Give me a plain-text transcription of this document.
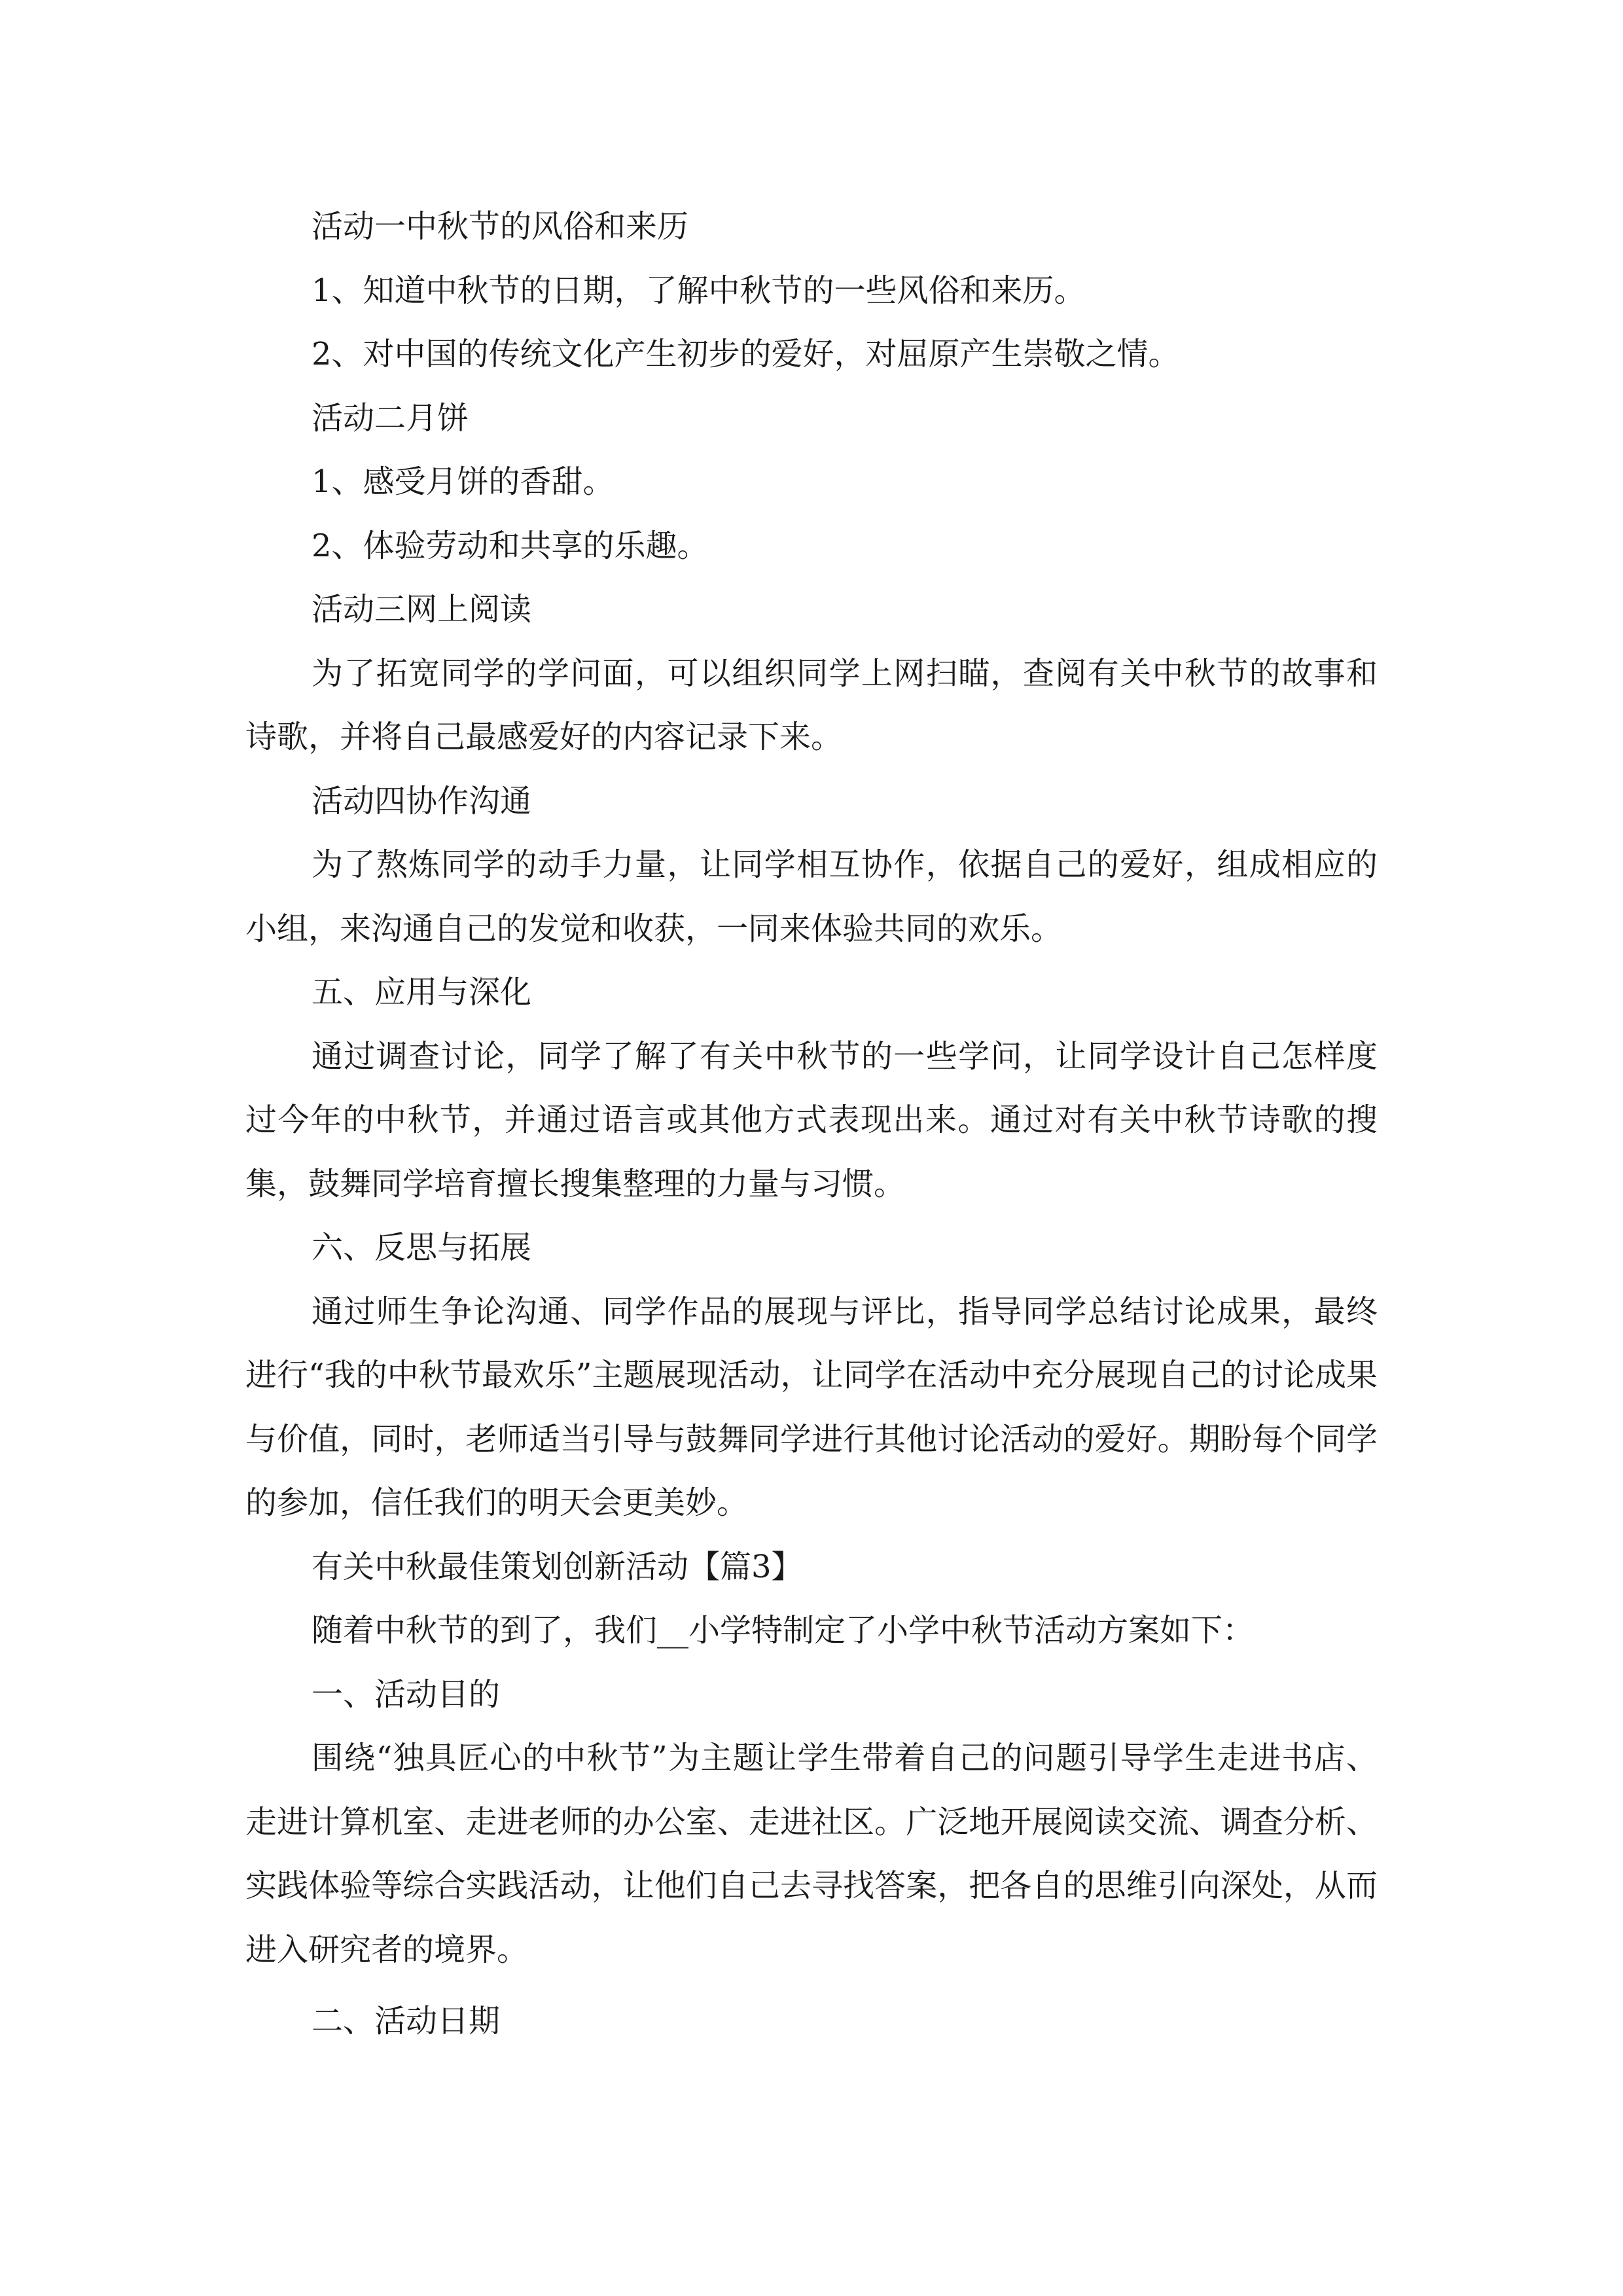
活动一中秋节的风俗和来历

1、知道中秋节的日期，了解中秋节的一些风俗和来历。

2、对中国的传统文化产生初步的爱好，对屈原产生崇敬之情。

活动二月饼

1、感受月饼的香甜。

2、体验劳动和共享的乐趣。

活动三网上阅读

为了拓宽同学的学问面，可以组织同学上网扫瞄，查阅有关中秋节的故事和诗歌，并将自己最感爱好的内容记录下来。

活动四协作沟通

为了熬炼同学的动手力量，让同学相互协作，依据自己的爱好，组成相应的小组，来沟通自己的发觉和收获，一同来体验共同的欢乐。

五、应用与深化

通过调查讨论，同学了解了有关中秋节的一些学问，让同学设计自己怎样度过今年的中秋节，并通过语言或其他方式表现出来。通过对有关中秋节诗歌的搜集，鼓舞同学培育擅长搜集整理的力量与习惯。

六、反思与拓展

通过师生争论沟通、同学作品的展现与评比，指导同学总结讨论成果，最终进行“我的中秋节最欢乐”主题展现活动，让同学在活动中充分展现自己的讨论成果与价值，同时，老师适当引导与鼓舞同学进行其他讨论活动的爱好。期盼每个同学的参加，信任我们的明天会更美妙。

有关中秋最佳策划创新活动【篇3】

随着中秋节的到了，我们__小学特制定了小学中秋节活动方案如下：

一、活动目的

围绕“独具匠心的中秋节”为主题让学生带着自己的问题引导学生走进书店、走进计算机室、走进老师的办公室、走进社区。广泛地开展阅读交流、调查分析、实践体验等综合实践活动，让他们自己去寻找答案，把各自的思维引向深处，从而进入研究者的境界。

二、活动日期
